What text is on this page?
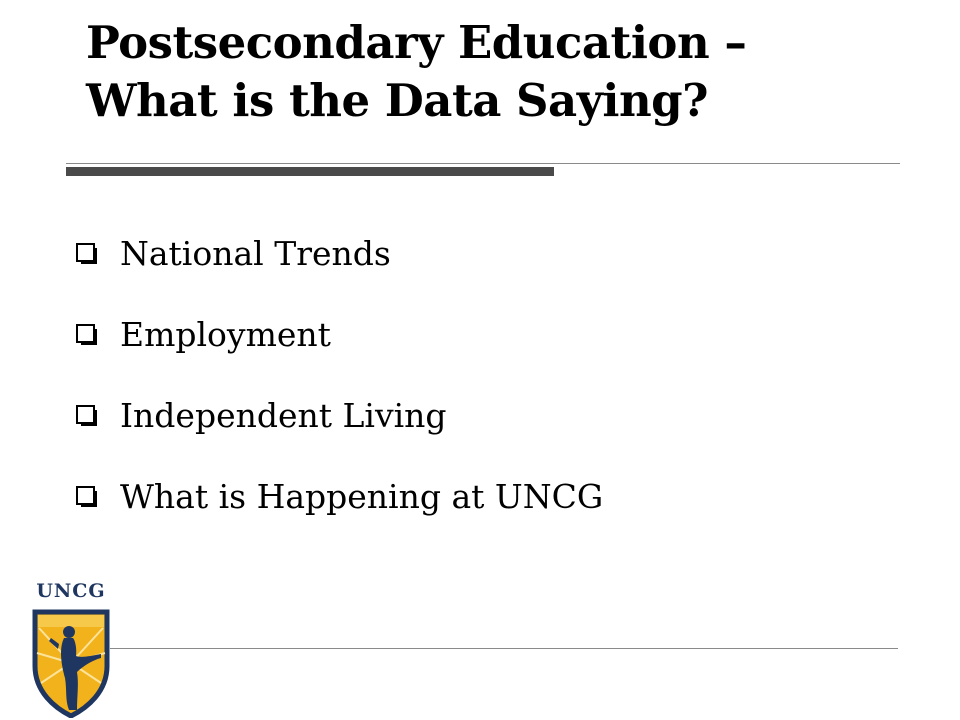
Postsecondary Education –
What is the Data Saying?
National Trends
Employment
Independent Living
What is Happening at UNCG
UNCG
